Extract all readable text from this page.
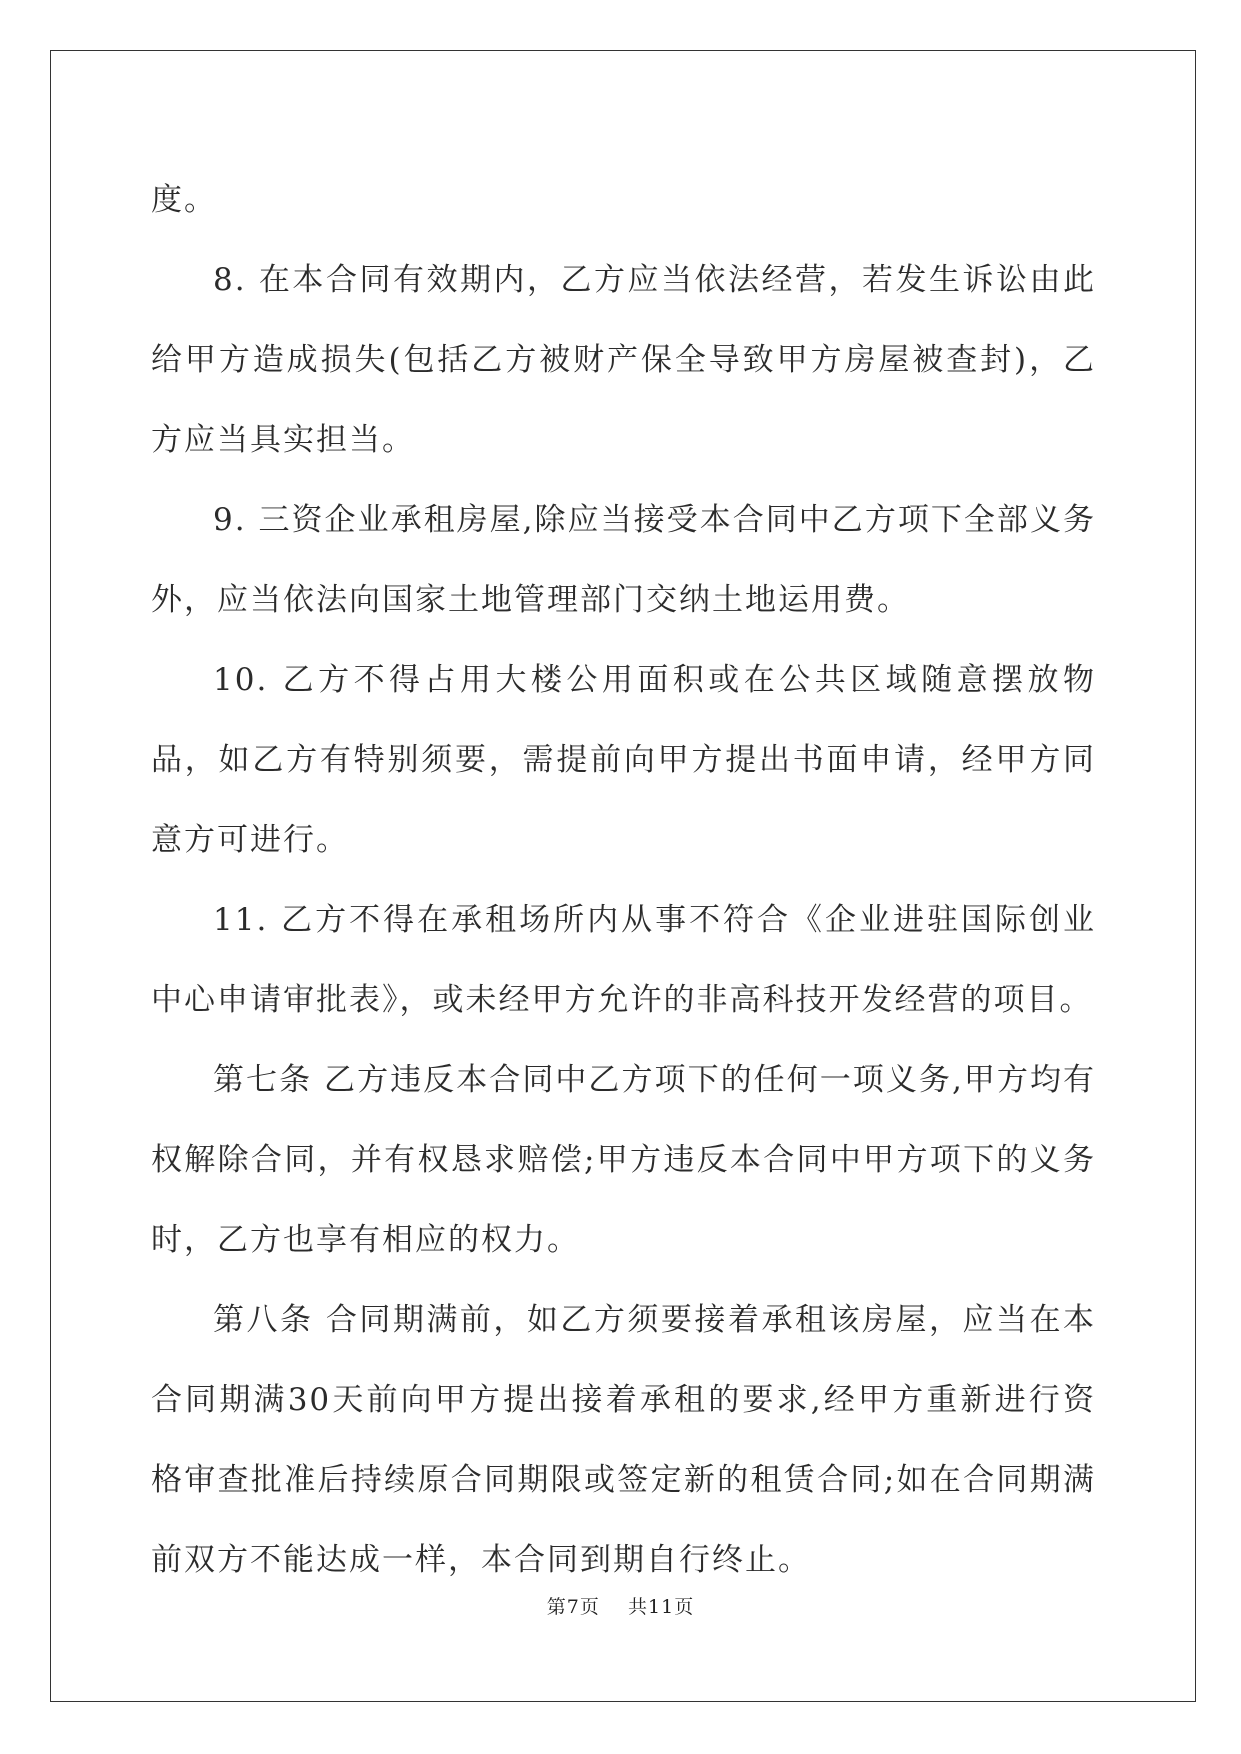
度。

8. 在本合同有效期内，乙方应当依法经营，若发生诉讼由此给甲方造成损失(包括乙方被财产保全导致甲方房屋被查封)，乙方应当具实担当。

9. 三资企业承租房屋,除应当接受本合同中乙方项下全部义务外，应当依法向国家土地管理部门交纳土地运用费。

10. 乙方不得占用大楼公用面积或在公共区域随意摆放物品，如乙方有特别须要，需提前向甲方提出书面申请，经甲方同意方可进行。

11. 乙方不得在承租场所内从事不符合《企业进驻国际创业中心申请审批表》，或未经甲方允许的非高科技开发经营的项目。

第七条 乙方违反本合同中乙方项下的任何一项义务,甲方均有权解除合同，并有权恳求赔偿;甲方违反本合同中甲方项下的义务时，乙方也享有相应的权力。

第八条 合同期满前，如乙方须要接着承租该房屋，应当在本合同期满30天前向甲方提出接着承租的要求,经甲方重新进行资格审查批准后持续原合同期限或签定新的租赁合同;如在合同期满前双方不能达成一样，本合同到期自行终止。

第7页 共11页
